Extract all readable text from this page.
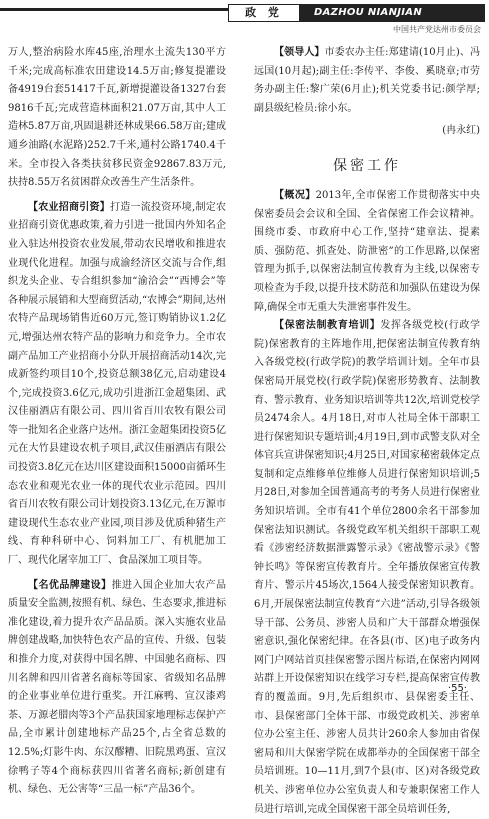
政 党	DAZHOU NIANJIAN
中国共产党达州市委员会

万人,整治病险水库45座,治理水土流失130平方千米;完成高标准农田建设14.5万亩;修复提灌设备4919台套51417千瓦,新增提灌设备1327台套9816千瓦;完成营造林面积21.07万亩,其中人工造林5.87万亩,巩固退耕还林成果66.58万亩;建成通乡油路(水泥路)252.7千米,通村公路1740.4千米。全市投入各类扶贫移民资金92867.83万元,扶持8.55万名贫困群众改善生产生活条件。

【农业招商引资】打造一流投资环境,制定农业招商引资优惠政策,着力引进一批国内外知名企业入驻达州投资农业发展,带动农民增收和推进农业现代化进程。加强与成渝经济区交流与合作,组织龙头企业、专合组织参加“渝洽会”“西博会”等各种展示展销和大型商贸活动,“农博会”期间,达州农特产品现场销售近60万元,签订购销协议1.2亿元,增强达州农特产品的影响力和竞争力。全市农副产品加工产业招商小分队开展招商活动14次,完成新签约项目10个,投资总额38亿元,启动建设4个,完成投资3.6亿元,成功引进浙江金超集团、武汉佳丽酒店有限公司、四川省百川农牧有限公司等一批知名企业落户达州。浙江金超集团投资5亿元在大竹县建设农机子项目,武汉佳丽酒店有限公司投资3.8亿元在达川区建设面积15000亩循环生态农业和观光农业一体的现代农业示范园。四川省百川农牧有限公司计划投资3.13亿元,在万源市建设现代生态农业产业园,项目涉及优质种猪生产线、育种科研中心、饲料加工厂、有机肥加工厂、现代化屠宰加工厂、食品深加工项目等。

【名优品牌建设】推进入国企业加大农产品质量安全监测,按照有机、绿色、生态要求,推进标准化建设,着力提升农产品品质。深入实施农业品牌创建战略,加快特色农产品的宣传、升级、包装和推介力度,对获得中国名牌、中国驰名商标、四川名牌和四川省著名商标等国家、省级知名品牌的企业事业单位进行重奖。开江麻鸭、宣汉漆鸡茶、万源老腊肉等3个产品获国家地理标志保护产品,全市累计创建地标产品25个,占全省总数的12.5%;灯影牛肉、东汉醪糟、旧院黑鸡蛋、宣汉徐鸭子等4个商标获四川省著名商标;新创建有机、绿色、无公害等“三品一标”产品36个。

【领导人】市委农办主任:郑建请(10月止)、冯远国(10月起);副主任:李传平、李俊、奚晓章;市劳务办副主任:黎广荣(6月止);机关党委书记:颜学厚;副县级纪检员:徐小东。

(冉永红)
保密工作

【概况】2013年,全市保密工作贯彻落实中央保密委员会会议和全国、全省保密工作会议精神。围绕市委、市政府中心工作,坚持“建章法、提素质、强防范、抓查处、防泄密”的工作思路,以保密管理为抓手,以保密法制宣传教育为主线,以保密专项检查为手段,以提升技术防范和加强队伍建设为保障,确保全市无重大失泄密事件发生。

【保密法制教育培训】发挥各级党校(行政学院)保密教育的主阵地作用,把保密法制宣传教育纳入各级党校(行政学院)的教学培训计划。全年市县保密局开展党校(行政学院)保密形势教育、法制教育、警示教育、业务知识培训等共12次,培训党校学员2474余人。4月18日,对市人社局全体干部职工进行保密知识专题培训;4月19日,到市武警支队对全体官兵宣讲保密知识;4月25日,对国家秘密载体定点复制和定点维修单位维修人员进行保密知识培训;5月28日,对参加全国普通高考的考务人员进行保密业务知识培训。全市有41个单位2800余名干部参加保密法知识测试。各级党政军机关组织干部职工观看《涉密经济数据泄露警示录》《密战警示录》《警钟长鸣》等保密宣传教育片。全年播放保密宣传教育片、警示片45场次,1564人接受保密知识教育。6月,开展保密法制宣传教育“六进”活动,引导各级领导干部、公务员、涉密人员和广大干部群众增强保密意识,强化保密纪律。在各县(市、区)电子政务内网门户网站首页挂保密警示图片标语,在保密内网网站群上开设保密知识在线学习专栏,提高保密宣传教育的覆盖面。9月,先后组织市、县保密委主任、市、县保密部门全体干部、市级党政机关、涉密单位办公室主任、涉密人员共计260余人参加由省保密局和川大保密学院在成都举办的全国保密干部全员培训班。10—11月,到7个县(市、区)对各级党政机关、涉密单位办公室负责人和专兼职保密工作人员进行培训,完成全国保密干部全员培训任务,

·55·
